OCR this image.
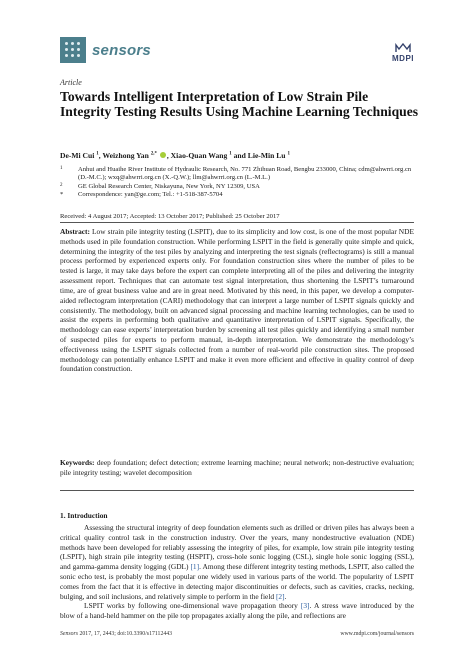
sensors	MDPI
Article
Towards Intelligent Interpretation of Low Strain Pile Integrity Testing Results Using Machine Learning Techniques
De-Mi Cui $^1$, Weizhong Yan $^{2,*}$ , Xiao-Quan Wang $^1$ and Lie-Min Lu $^1$
1 Anhui and Huaihe River Institute of Hydraulic Research, No. 771 Zhihuan Road, Bengbu 233000, China; cdm@ahwrri.org.cn (D.-M.C.); wxq@ahwrri.org.cn (X.-Q.W.); llm@ahwrri.org.cn (L.-M.L.)
2 GE Global Research Center, Niskayuna, New York, NY 12309, USA
* Correspondence: yan@ge.com; Tel.: +1-518-387-5704
Received: 4 August 2017; Accepted: 13 October 2017; Published: 25 October 2017

Abstract: Low strain pile integrity testing (LSPIT), due to its simplicity and low cost, is one of the most popular NDE methods used in pile foundation construction. While performing LSPIT in the field is generally quite simple and quick, determining the integrity of the test piles by analyzing and interpreting the test signals (reflectograms) is still a manual process performed by experienced experts only. For foundation construction sites where the number of piles to be tested is large, it may take days before the expert can complete interpreting all of the piles and delivering the integrity assessment report. Techniques that can automate test signal interpretation, thus shortening the LSPIT’s turnaround time, are of great business value and are in great need. Motivated by this need, in this paper, we develop a computer-aided reflectogram interpretation (CARI) methodology that can interpret a large number of LSPIT signals quickly and consistently. The methodology, built on advanced signal processing and machine learning technologies, can be used to assist the experts in performing both qualitative and quantitative interpretation of LSPIT signals. Specifically, the methodology can ease experts’ interpretation burden by screening all test piles quickly and identifying a small number of suspected piles for experts to perform manual, in-depth interpretation. We demonstrate the methodology’s effectiveness using the LSPIT signals collected from a number of real-world pile construction sites. The proposed methodology can potentially enhance LSPIT and make it even more efficient and effective in quality control of deep foundation construction.

Keywords: deep foundation; defect detection; extreme learning machine; neural network; non-destructive evaluation; pile integrity testing; wavelet decomposition

1. Introduction

Assessing the structural integrity of deep foundation elements such as drilled or driven piles has always been a critical quality control task in the construction industry. Over the years, many nondestructive evaluation (NDE) methods have been developed for reliably assessing the integrity of piles, for example, low strain pile integrity testing (LSPIT), high strain pile integrity testing (HSPIT), cross-hole sonic logging (CSL), single hole sonic logging (SSL), and gamma-gamma density logging (GDL) [1]. Among these different integrity testing methods, LSPIT, also called the sonic echo test, is probably the most popular one widely used in various parts of the world. The popularity of LSPIT comes from the fact that it is effective in detecting major discontinuities or defects, such as cavities, cracks, necking, bulging, and soil inclusions, and relatively simple to perform in the field [2].

LSPIT works by following one-dimensional wave propagation theory [3]. A stress wave introduced by the blow of a hand-held hammer on the pile top propagates axially along the pile, and reflections are

Sensors 2017, 17, 2443; doi:10.3390/s17112443	www.mdpi.com/journal/sensors
